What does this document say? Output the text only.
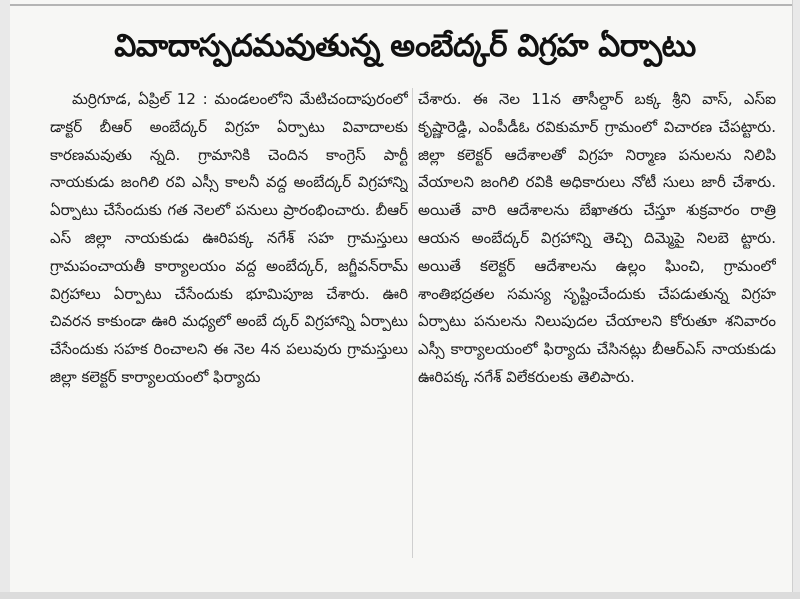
వివాదాస్పదమవుతున్న అంబేద్కర్ విగ్రహ ఏర్పాటు

మర్రిగూడ, ఏప్రిల్ 12 : మండలంలోని మేటిచందాపురంలో డాక్టర్ బీఆర్ అంబేద్కర్ విగ్రహ ఏర్పాటు వివాదాలకు కారణమవుతు న్నది. గ్రామానికి చెందిన కాంగ్రెస్ పార్టీ నాయకుడు జంగిలి రవి ఎస్సీ కాలనీ వద్ద అంబేద్కర్ విగ్రహాన్ని ఏర్పాటు చేసేందుకు గత నెలలో పనులు ప్రారంభించారు. బీఆర్ ఎస్ జిల్లా నాయకుడు ఊరిపక్క నగేశ్ సహ గ్రామస్తులు గ్రామపంచాయతీ కార్యాలయం వద్ద అంబేద్కర్, జగ్జీవన్‌రామ్ విగ్రహాలు ఏర్పాటు చేసేందుకు భూమిపూజ చేశారు. ఊరి చివరన కాకుండా ఊరి మధ్యలో అంబే ద్కర్ విగ్రహాన్ని ఏర్పాటు చేసేందుకు సహక రించాలని ఈ నెల 4న పలువురు గ్రామస్తులు జిల్లా కలెక్టర్ కార్యాలయంలో ఫిర్యాదు

చేశారు. ఈ నెల 11న తాసీల్దార్ బక్క శ్రీని వాస్, ఎస్ఐ కృష్ణారెడ్డి, ఎంపీడీఓ రవికుమార్ గ్రామంలో విచారణ చేపట్టారు. జిల్లా కలెక్టర్ ఆదేశాలతో విగ్రహ నిర్మాణ పనులను నిలిపి వేయాలని జంగిలి రవికి అధికారులు నోటీ సులు జారీ చేశారు. అయితే వారి ఆదేశాలను బేఖాతరు చేస్తూ శుక్రవారం రాత్రి ఆయన అంబేద్కర్ విగ్రహాన్ని తెచ్చి దిమ్మెపై నిలబె ట్టారు. అయితే కలెక్టర్ ఆదేశాలను ఉల్లం ఘించి, గ్రామంలో శాంతిభద్రతల సమస్య సృష్టించేందుకు చేపడుతున్న విగ్రహ ఏర్పాటు పనులను నిలుపుదల చేయాలని కోరుతూ శనివారం ఎస్సీ కార్యాలయంలో ఫిర్యాదు చేసినట్లు బీఆర్ఎస్ నాయకుడు ఊరిపక్క నగేశ్ విలేకరులకు తెలిపారు.
